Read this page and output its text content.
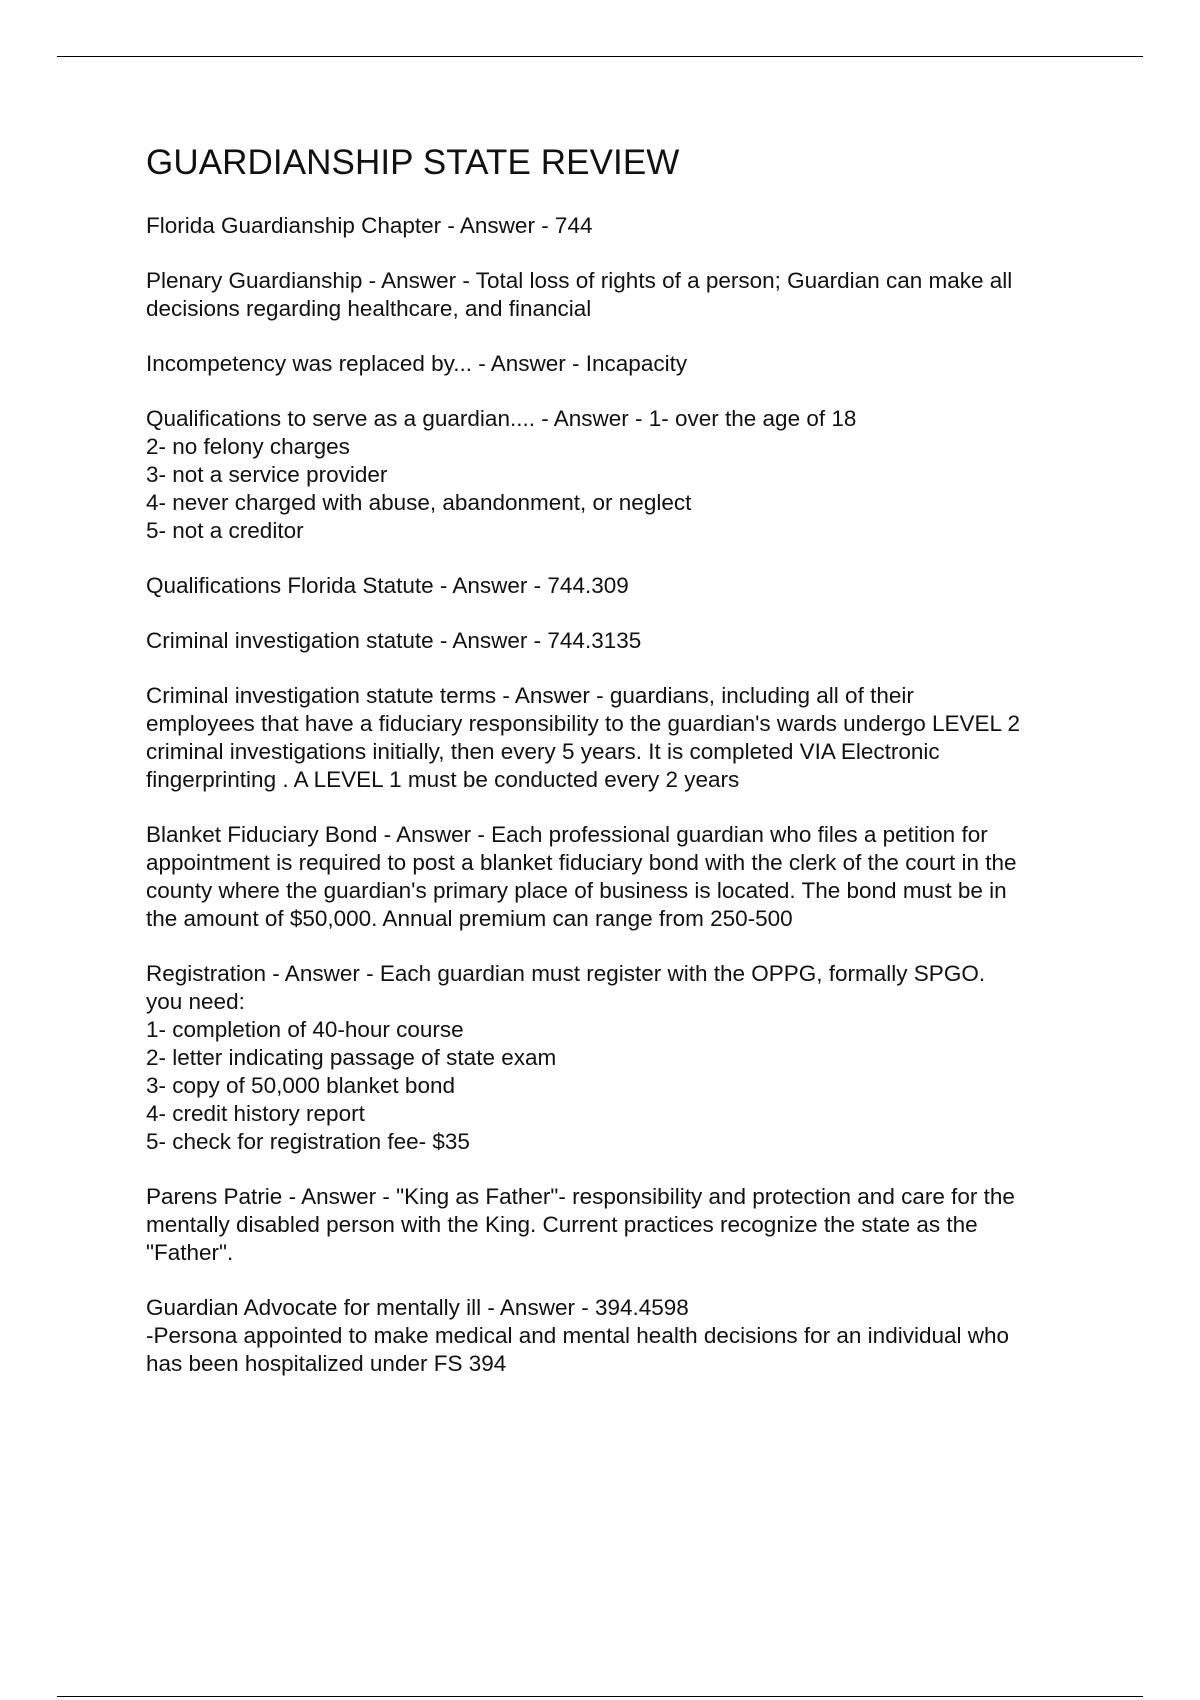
GUARDIANSHIP STATE REVIEW

Florida Guardianship Chapter - Answer - 744

Plenary Guardianship - Answer - Total loss of rights of a person; Guardian can make all
decisions regarding healthcare, and financial

Incompetency was replaced by... - Answer - Incapacity

Qualifications to serve as a guardian.... - Answer - 1- over the age of 18
2- no felony charges
3- not a service provider
4- never charged with abuse, abandonment, or neglect
5- not a creditor

Qualifications Florida Statute - Answer - 744.309

Criminal investigation statute - Answer - 744.3135

Criminal investigation statute terms - Answer - guardians, including all of their
employees that have a fiduciary responsibility to the guardian's wards undergo LEVEL 2
criminal investigations initially, then every 5 years. It is completed VIA Electronic
fingerprinting . A LEVEL 1 must be conducted every 2 years

Blanket Fiduciary Bond - Answer - Each professional guardian who files a petition for
appointment is required to post a blanket fiduciary bond with the clerk of the court in the
county where the guardian's primary place of business is located. The bond must be in
the amount of $50,000. Annual premium can range from 250-500

Registration - Answer - Each guardian must register with the OPPG, formally SPGO.
you need:
1- completion of 40-hour course
2- letter indicating passage of state exam
3- copy of 50,000 blanket bond
4- credit history report
5- check for registration fee- $35

Parens Patrie - Answer - "King as Father"- responsibility and protection and care for the
mentally disabled person with the King. Current practices recognize the state as the
"Father".

Guardian Advocate for mentally ill - Answer - 394.4598
-Persona appointed to make medical and mental health decisions for an individual who
has been hospitalized under FS 394
